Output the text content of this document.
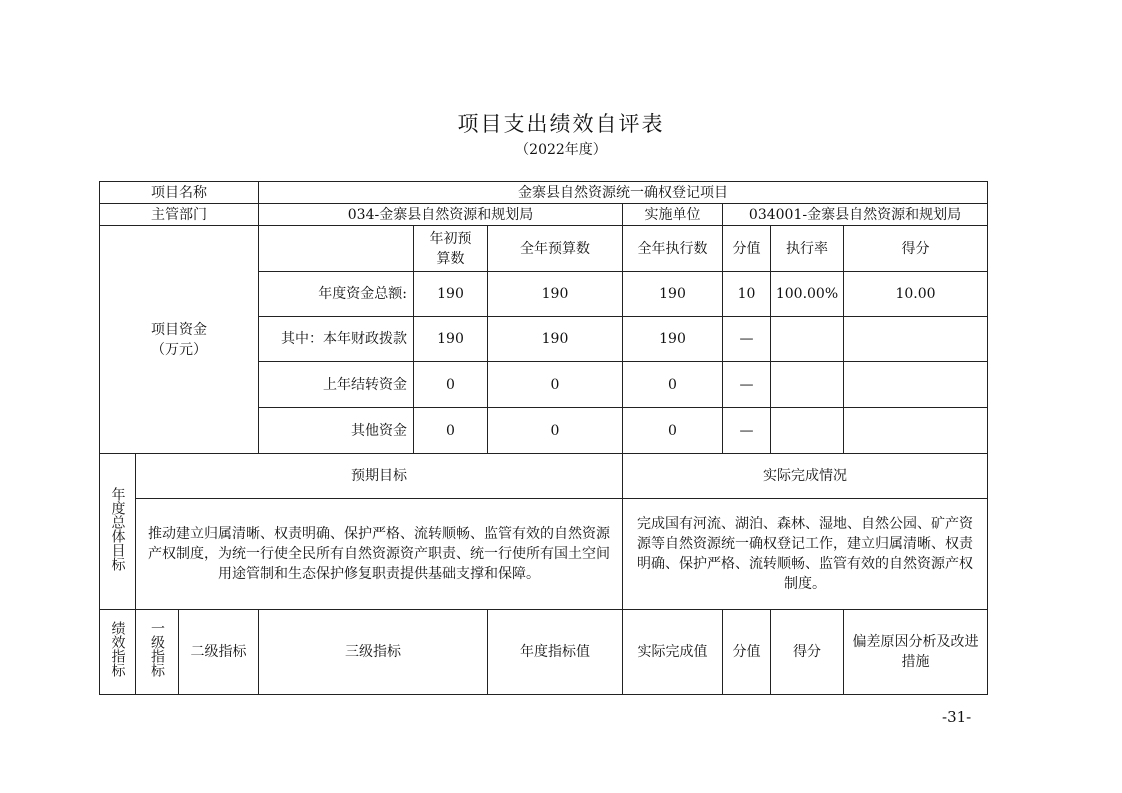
项目支出绩效自评表
（2022年度）
项目名称			金寨县自然资源统一确权登记项目						
主管部门			034-金寨县自然资源和规划局			实施单位	034001-金寨县自然资源和规划局		

项目资金
（万元）				年初预算数	全年预算数	全年执行数	分值	执行率	得分
			年度资金总额:	190	190	190	10	100.00%	10.00
			其中：本年财政拨款	190	190	190	—		
			上年结转资金	0	0	0	—		
			其他资金	0	0	0	—		
年度总体目标	预期目标					实际完成情况			
	推动建立归属清晰、权责明确、保护严格、流转顺畅、监管有效的自然资源产权制度，为统一行使全民所有自然资源资产职责、统一行使所有国土空间用途管制和生态保护修复职责提供基础支撑和保障。					完成国有河流、湖泊、森林、湿地、自然公园、矿产资源等自然资源统一确权登记工作，建立归属清晰、权责明确、保护严格、流转顺畅、监管有效的自然资源产权制度。			
绩效指标	一级指标	二级指标	三级指标		年度指标值	实际完成值	分值	得分	偏差原因分析及改进措施
-31-
